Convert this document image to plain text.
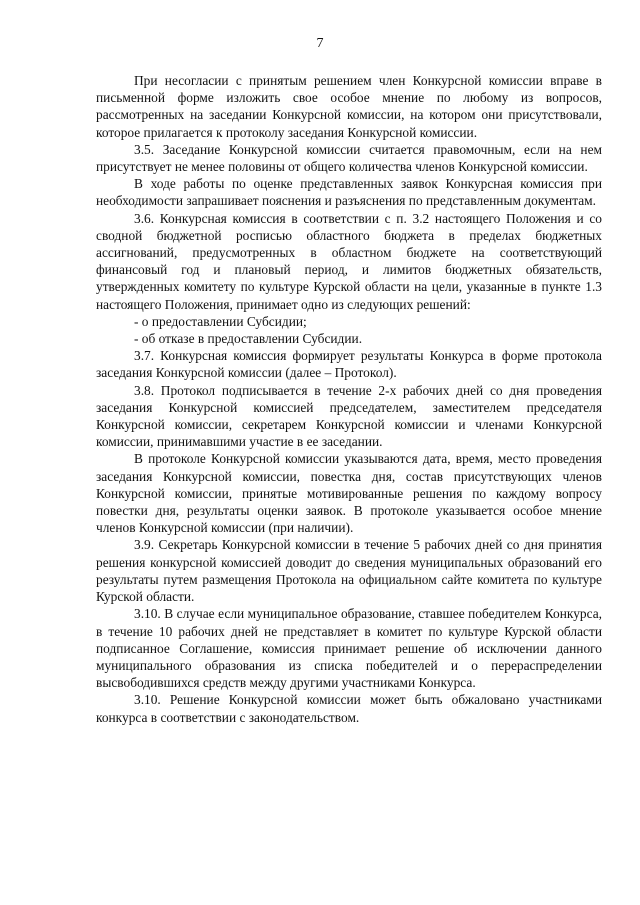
7

При несогласии с принятым решением член Конкурсной комиссии вправе в письменной форме изложить свое особое мнение по любому из вопросов, рассмотренных на заседании Конкурсной комиссии, на котором они присутствовали, которое прилагается к протоколу заседания Конкурсной комиссии.

3.5. Заседание Конкурсной комиссии считается правомочным, если на нем присутствует не менее половины от общего количества членов Конкурсной комиссии.

В ходе работы по оценке представленных заявок Конкурсная комиссия при необходимости запрашивает пояснения и разъяснения по представленным документам.

3.6. Конкурсная комиссия в соответствии с п. 3.2 настоящего Положения и со сводной бюджетной росписью областного бюджета в пределах бюджетных ассигнований, предусмотренных в областном бюджете на соответствующий финансовый год и плановый период, и лимитов бюджетных обязательств, утвержденных комитету по культуре Курской области на цели, указанные в пункте 1.3 настоящего Положения, принимает одно из следующих решений:

- о предоставлении Субсидии;

- об отказе в предоставлении Субсидии.

3.7. Конкурсная комиссия формирует результаты Конкурса в форме протокола заседания Конкурсной комиссии (далее – Протокол).

3.8. Протокол подписывается в течение 2-х рабочих дней со дня проведения заседания Конкурсной комиссией председателем, заместителем председателя Конкурсной комиссии, секретарем Конкурсной комиссии и членами Конкурсной комиссии, принимавшими участие в ее заседании.

В протоколе Конкурсной комиссии указываются дата, время, место проведения заседания Конкурсной комиссии, повестка дня, состав присутствующих членов Конкурсной комиссии, принятые мотивированные решения по каждому вопросу повестки дня, результаты оценки заявок. В протоколе указывается особое мнение членов Конкурсной комиссии (при наличии).

3.9. Секретарь Конкурсной комиссии в течение 5 рабочих дней со дня принятия решения конкурсной комиссией доводит до сведения муниципальных образований его результаты путем размещения Протокола на официальном сайте комитета по культуре Курской области.

3.10. В случае если муниципальное образование, ставшее победителем Конкурса, в течение 10 рабочих дней не представляет в комитет по культуре Курской области подписанное Соглашение, комиссия принимает решение об исключении данного муниципального образования из списка победителей и о перераспределении высвободившихся средств между другими участниками Конкурса.

3.10. Решение Конкурсной комиссии может быть обжаловано участниками конкурса в соответствии с законодательством.
